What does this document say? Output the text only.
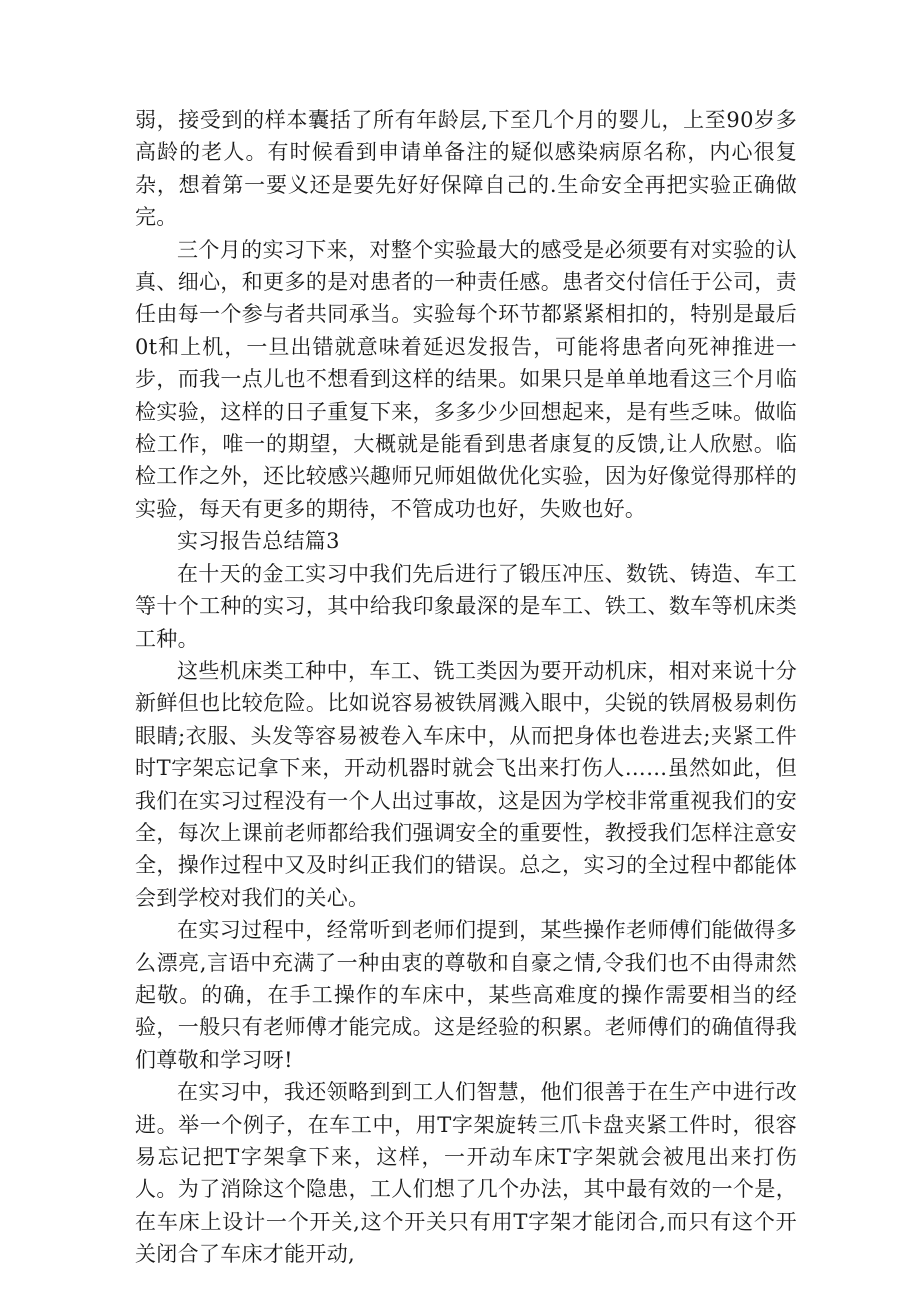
弱，接受到的样本囊括了所有年龄层,下至几个月的婴儿，上至90岁多高龄的老人。有时候看到申请单备注的疑似感染病原名称，内心很复杂，想着第一要义还是要先好好保障自己的.生命安全再把实验正确做完。

三个月的实习下来，对整个实验最大的感受是必须要有对实验的认真、细心，和更多的是对患者的一种责任感。患者交付信任于公司，责任由每一个参与者共同承当。实验每个环节都紧紧相扣的，特别是最后0t和上机，一旦出错就意味着延迟发报告，可能将患者向死神推进一步，而我一点儿也不想看到这样的结果。如果只是单单地看这三个月临检实验，这样的日子重复下来，多多少少回想起来，是有些乏味。做临检工作，唯一的期望，大概就是能看到患者康复的反馈,让人欣慰。临检工作之外，还比较感兴趣师兄师姐做优化实验，因为好像觉得那样的实验，每天有更多的期待，不管成功也好，失败也好。

实习报告总结篇3

在十天的金工实习中我们先后进行了锻压冲压、数铣、铸造、车工等十个工种的实习，其中给我印象最深的是车工、铁工、数车等机床类工种。

这些机床类工种中，车工、铣工类因为要开动机床，相对来说十分新鲜但也比较危险。比如说容易被铁屑溅入眼中，尖锐的铁屑极易刺伤眼睛;衣服、头发等容易被卷入车床中，从而把身体也卷进去;夹紧工件时T字架忘记拿下来，开动机器时就会飞出来打伤人……虽然如此，但我们在实习过程没有一个人出过事故，这是因为学校非常重视我们的安全，每次上课前老师都给我们强调安全的重要性，教授我们怎样注意安全，操作过程中又及时纠正我们的错误。总之，实习的全过程中都能体会到学校对我们的关心。

在实习过程中，经常听到老师们提到，某些操作老师傅们能做得多么漂亮,言语中充满了一种由衷的尊敬和自豪之情,令我们也不由得肃然起敬。的确，在手工操作的车床中，某些高难度的操作需要相当的经验，一般只有老师傅才能完成。这是经验的积累。老师傅们的确值得我们尊敬和学习呀!

在实习中，我还领略到到工人们智慧，他们很善于在生产中进行改进。举一个例子，在车工中，用T字架旋转三爪卡盘夹紧工件时，很容易忘记把T字架拿下来，这样，一开动车床T字架就会被甩出来打伤人。为了消除这个隐患，工人们想了几个办法，其中最有效的一个是，在车床上设计一个开关,这个开关只有用T字架才能闭合,而只有这个开关闭合了车床才能开动,
